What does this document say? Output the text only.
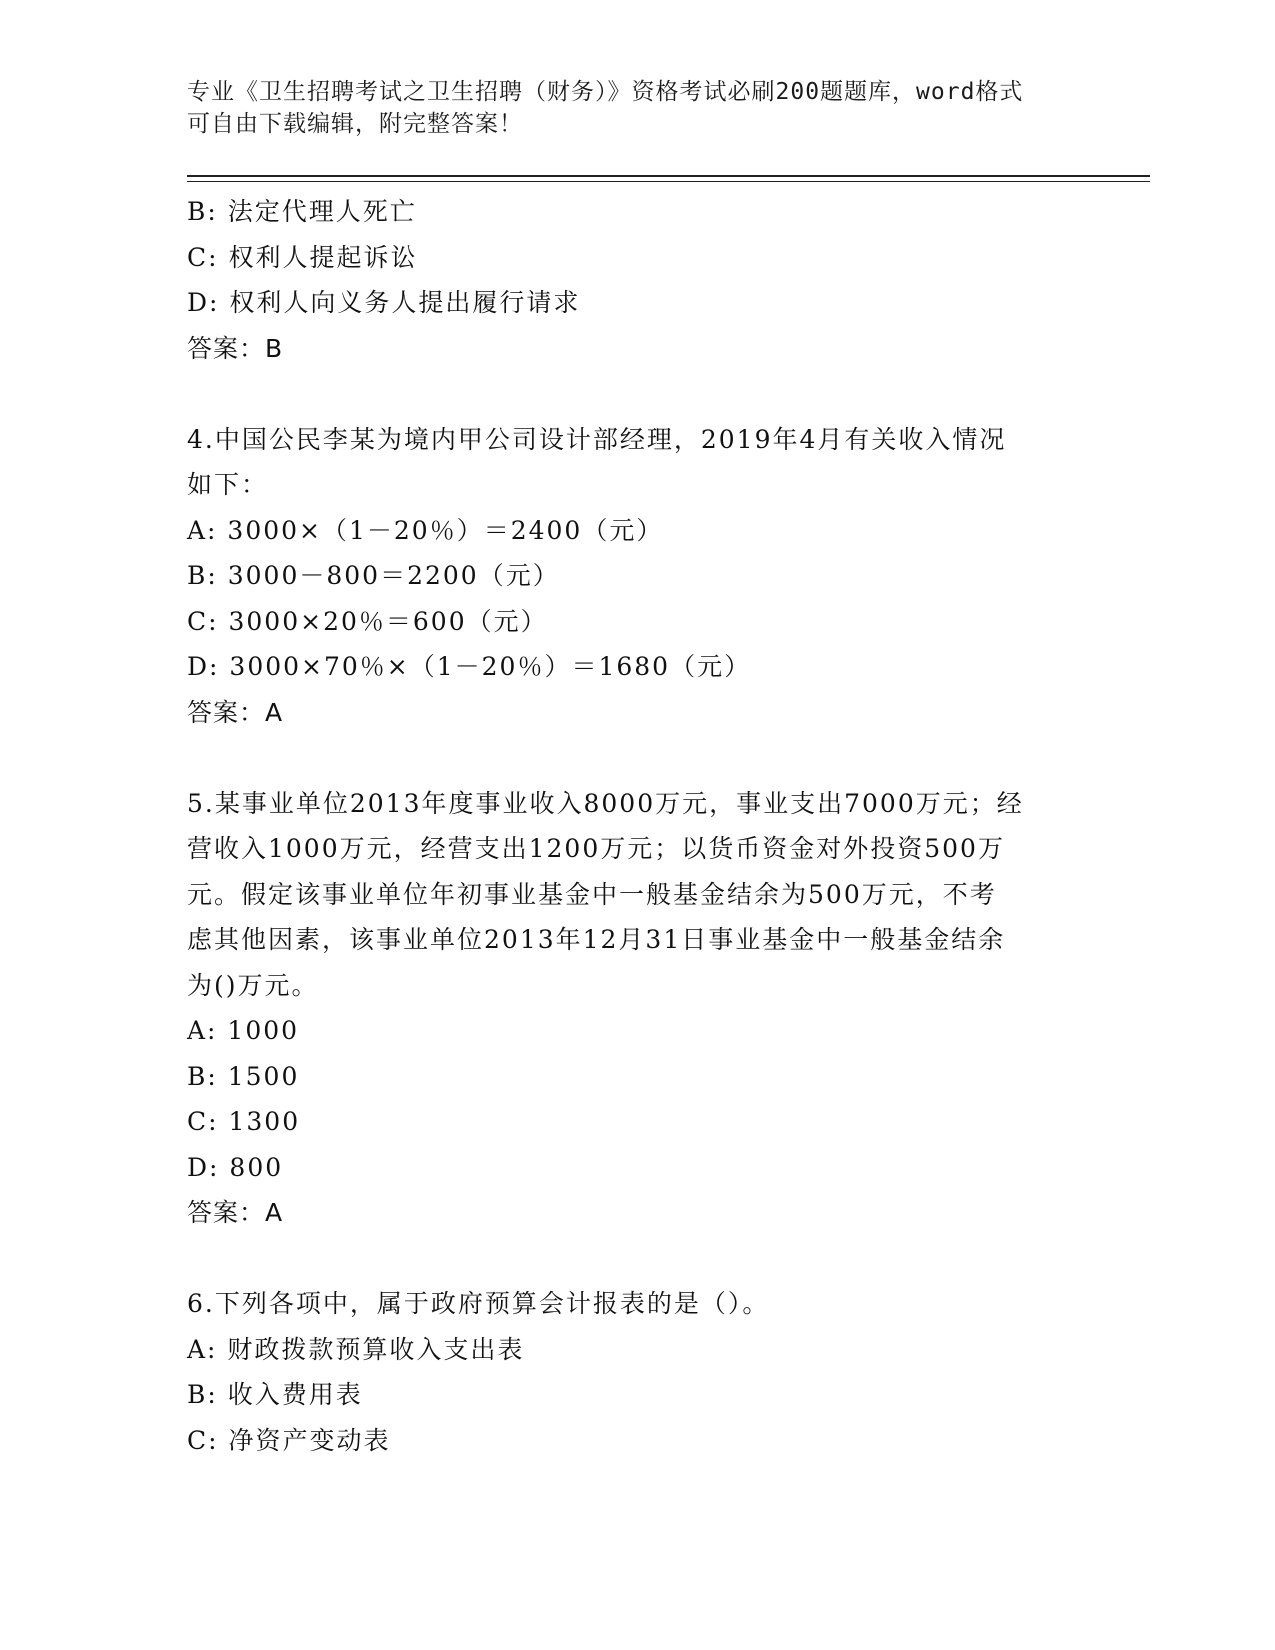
专业《卫生招聘考试之卫生招聘（财务）》资格考试必刷200题题库，word格式
可自由下载编辑，附完整答案！
B: 法定代理人死亡
C: 权利人提起诉讼
D: 权利人向义务人提出履行请求
答案：B
4.中国公民李某为境内甲公司设计部经理，2019年4月有关收入情况
如下：
A: 3000×（1－20％）＝2400（元）
B: 3000－800＝2200（元）
C: 3000×20％＝600（元）
D: 3000×70％×（1－20％）＝1680（元）
答案：A
5.某事业单位2013年度事业收入8000万元，事业支出7000万元；经
营收入1000万元，经营支出1200万元；以货币资金对外投资500万
元。假定该事业单位年初事业基金中一般基金结余为500万元，不考
虑其他因素，该事业单位2013年12月31日事业基金中一般基金结余
为()万元。
A: 1000
B: 1500
C: 1300
D: 800
答案：A
6.下列各项中，属于政府预算会计报表的是（）。
A: 财政拨款预算收入支出表
B: 收入费用表
C: 净资产变动表
